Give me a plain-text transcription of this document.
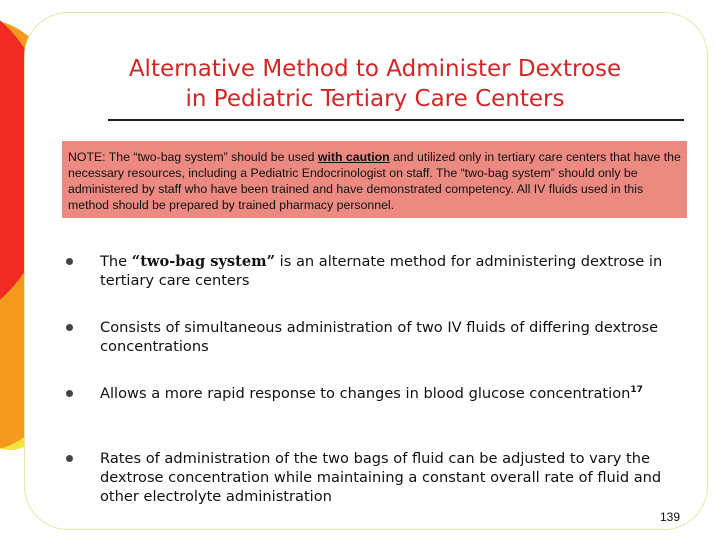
Alternative Method to Administer Dextrose
in Pediatric Tertiary Care Centers
NOTE: The “two-bag system” should be used with caution and utilized only in tertiary care centers that have the necessary resources, including a Pediatric Endocrinologist on staff. The “two-bag system” should only be administered by staff who have been trained and have demonstrated competency. All IV fluids used in this method should be prepared by trained pharmacy personnel.
The “two-bag system” is an alternate method for administering dextrose in tertiary care centers
Consists of simultaneous administration of two IV fluids of differing dextrose concentrations
Allows a more rapid response to changes in blood glucose concentration$^{17}$
Rates of administration of the two bags of fluid can be adjusted to vary the dextrose concentration while maintaining a constant overall rate of fluid and other electrolyte administration
139
